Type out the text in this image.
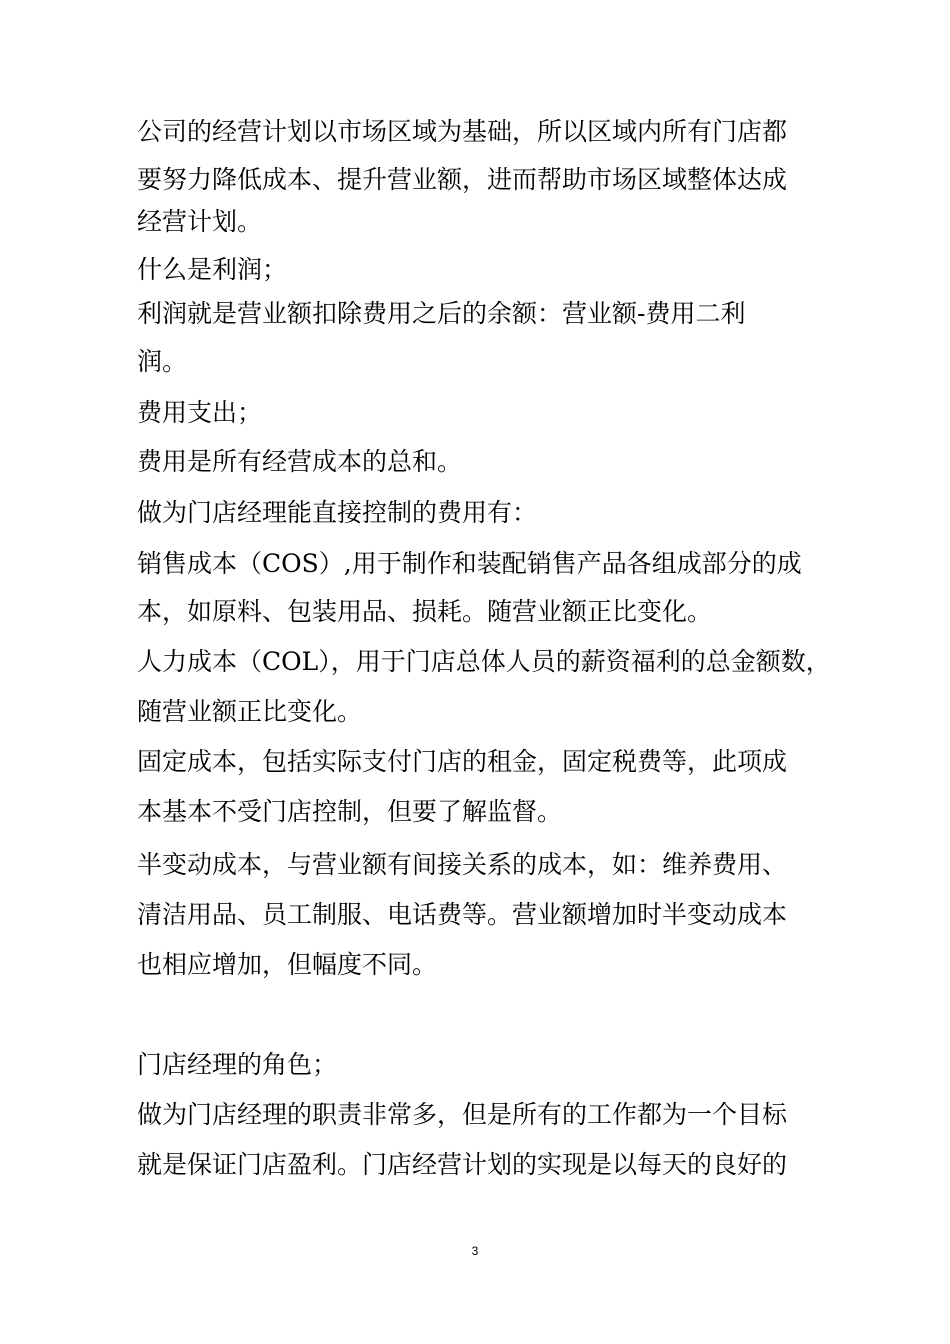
公司的经营计划以市场区域为基础，所以区域内所有门店都

要努力降低成本、提升营业额，进而帮助市场区域整体达成

经营计划。

什么是利润；

利润就是营业额扣除费用之后的余额：营业额-费用二利

润。

费用支出；

费用是所有经营成本的总和。

做为门店经理能直接控制的费用有：

销售成本（COS）,用于制作和装配销售产品各组成部分的成

本，如原料、包装用品、损耗。随营业额正比变化。

人力成本（COL），用于门店总体人员的薪资福利的总金额数，

随营业额正比变化。

固定成本，包括实际支付门店的租金，固定税费等，此项成

本基本不受门店控制，但要了解监督。

半变动成本，与营业额有间接关系的成本，如：维养费用、

清洁用品、员工制服、电话费等。营业额增加时半变动成本

也相应增加，但幅度不同。

门店经理的角色；

做为门店经理的职责非常多，但是所有的工作都为一个目标

就是保证门店盈利。门店经营计划的实现是以每天的良好的

3
